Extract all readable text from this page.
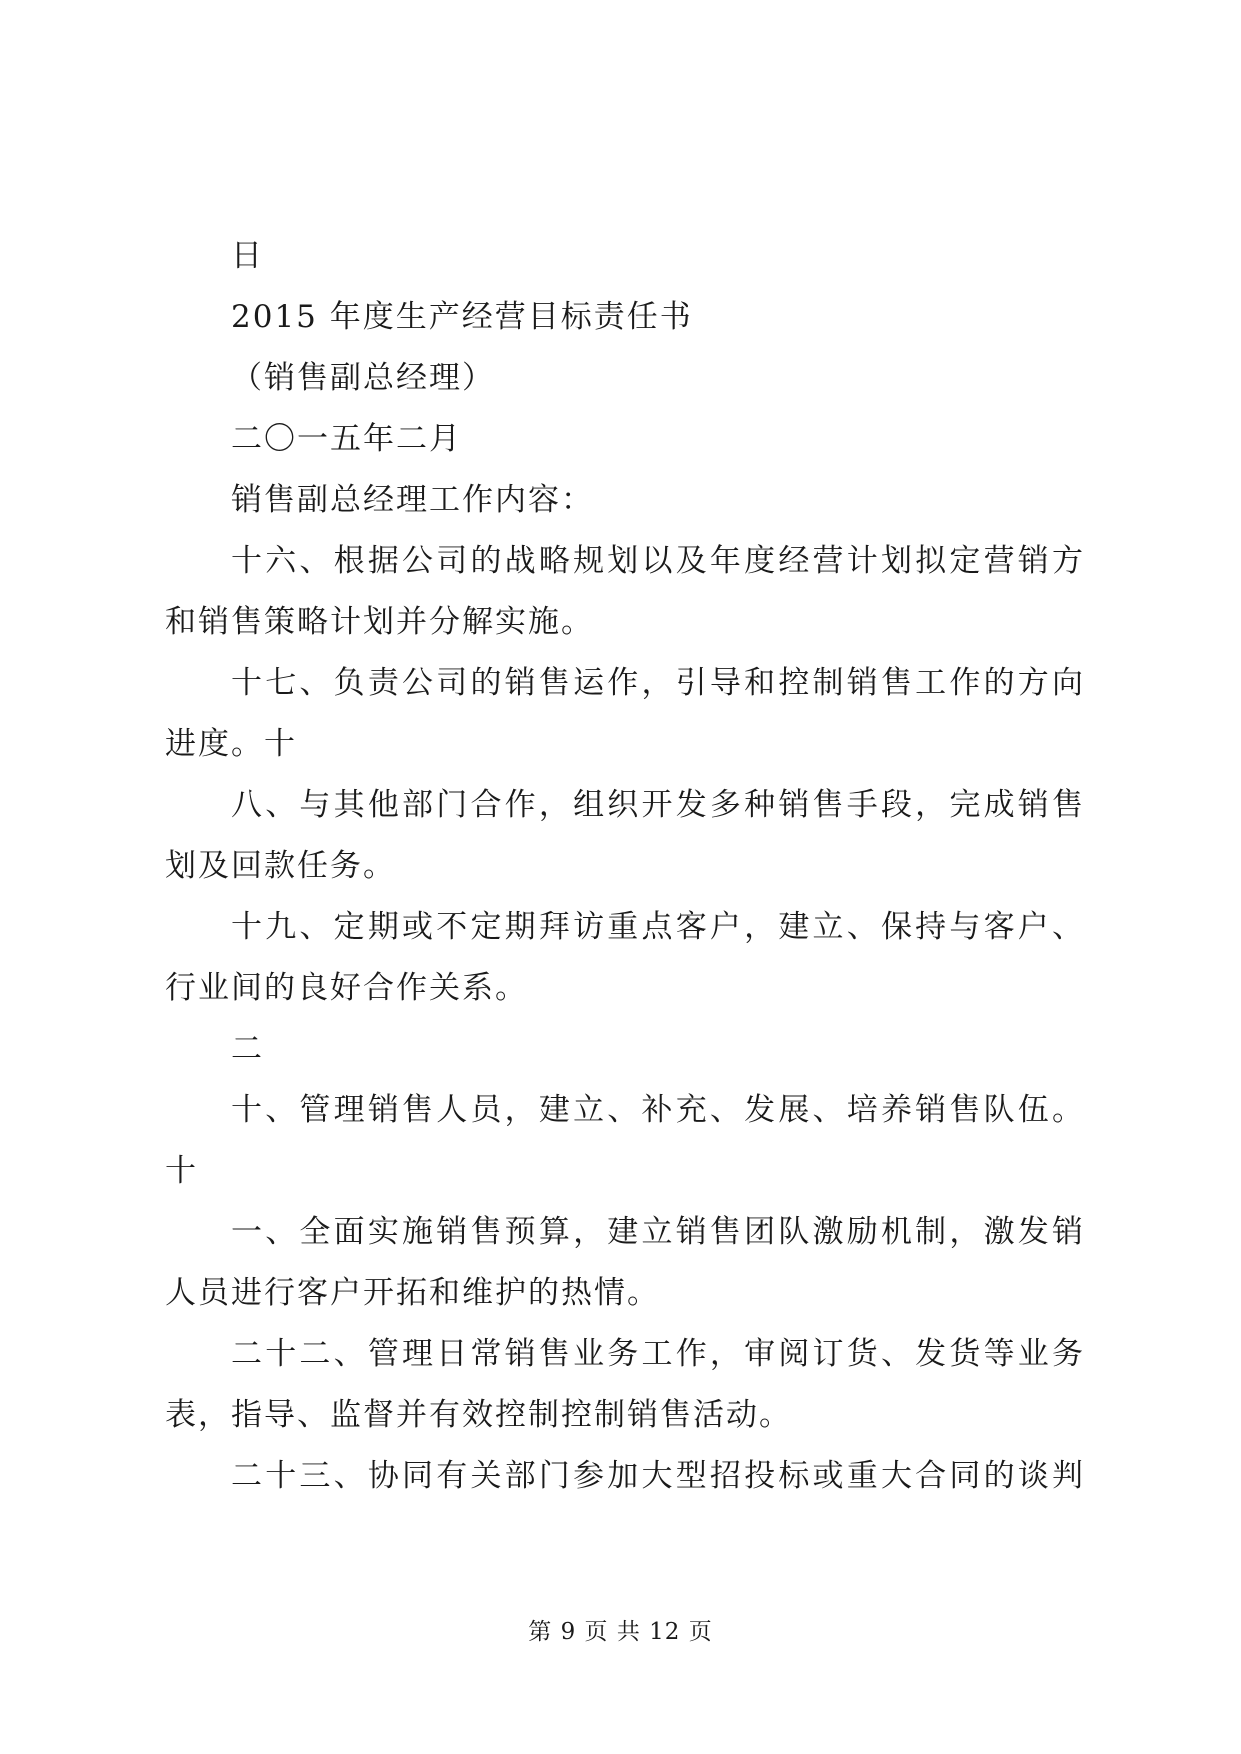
日
2015 年度生产经营目标责任书
（销售副总经理）
二〇一五年二月
销售副总经理工作内容：
十六、根据公司的战略规划以及年度经营计划拟定营销方
和销售策略计划并分解实施。
十七、负责公司的销售运作，引导和控制销售工作的方向
进度。十
八、与其他部门合作，组织开发多种销售手段，完成销售
划及回款任务。
十九、定期或不定期拜访重点客户，建立、保持与客户、
行业间的良好合作关系。
二
十、管理销售人员，建立、补充、发展、培养销售队伍。
十
一、全面实施销售预算，建立销售团队激励机制，激发销
人员进行客户开拓和维护的热情。
二十二、管理日常销售业务工作，审阅订货、发货等业务
表，指导、监督并有效控制控制销售活动。
二十三、协同有关部门参加大型招投标或重大合同的谈判
第 9 页 共 12 页
